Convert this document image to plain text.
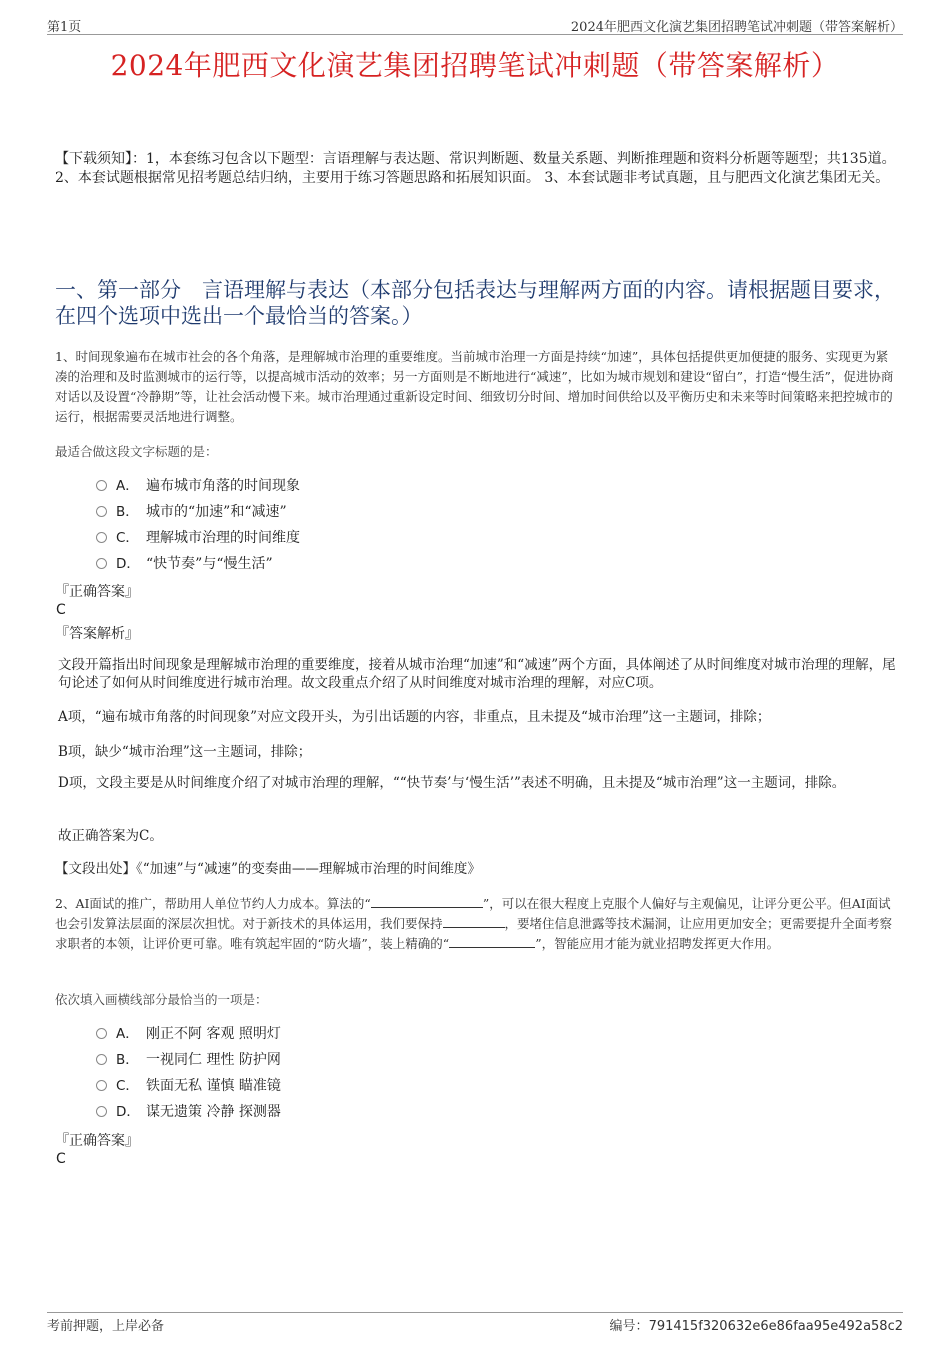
第1页	2024年肥西文化演艺集团招聘笔试冲刺题（带答案解析）
2024年肥西文化演艺集团招聘笔试冲刺题（带答案解析）
【下载须知】：1，本套练习包含以下题型：言语理解与表达题、常识判断题、数量关系题、判断推理题和资料分析题等题型；共135道。 2、本套试题根据常见招考题总结归纳，主要用于练习答题思路和拓展知识面。 3、本套试题非考试真题，且与肥西文化演艺集团无关。
一、第一部分　言语理解与表达（本部分包括表达与理解两方面的内容。请根据题目要求，在四个选项中选出一个最恰当的答案。）
1、时间现象遍布在城市社会的各个角落，是理解城市治理的重要维度。当前城市治理一方面是持续“加速”，具体包括提供更加便捷的服务、实现更为紧凑的治理和及时监测城市的运行等，以提高城市活动的效率；另一方面则是不断地进行“减速”，比如为城市规划和建设“留白”，打造“慢生活”，促进协商对话以及设置“冷静期”等，让社会活动慢下来。城市治理通过重新设定时间、细致切分时间、增加时间供给以及平衡历史和未来等时间策略来把控城市的运行，根据需要灵活地进行调整。
最适合做这段文字标题的是：
A． 遍布城市角落的时间现象
B． 城市的“加速”和“减速”
C． 理解城市治理的时间维度
D． “快节奏”与“慢生活”
『正确答案』
C
『答案解析』
文段开篇指出时间现象是理解城市治理的重要维度，接着从城市治理“加速”和“减速”两个方面，具体阐述了从时间维度对城市治理的理解，尾句论述了如何从时间维度进行城市治理。故文段重点介绍了从时间维度对城市治理的理解，对应C项。
A项，“遍布城市角落的时间现象”对应文段开头，为引出话题的内容，非重点，且未提及“城市治理”这一主题词，排除；
B项，缺少“城市治理”这一主题词，排除；
D项，文段主要是从时间维度介绍了对城市治理的理解，““快节奏’与‘慢生活’”表述不明确，且未提及“城市治理”这一主题词，排除。
故正确答案为C。
【文段出处】《“加速”与“减速”的变奏曲——理解城市治理的时间维度》
2、AI面试的推广，帮助用人单位节约人力成本。算法的“	”，可以在很大程度上克服个人偏好与主观偏见，让评分更公平。但AI面试也会引发算法层面的深层次担忧。对于新技术的具体运用，我们要保持	，要堵住信息泄露等技术漏洞，让应用更加安全；更需要提升全面考察求职者的本领，让评价更可靠。唯有筑起牢固的“防火墙”，装上精确的“	”，智能应用才能为就业招聘发挥更大作用。
依次填入画横线部分最恰当的一项是：
A． 刚正不阿 客观 照明灯
B． 一视同仁 理性 防护网
C． 铁面无私 谨慎 瞄准镜
D． 谋无遗策 冷静 探测器
『正确答案』
C
考前押题，上岸必备	编号：791415f320632e6e86faa95e492a58c2
